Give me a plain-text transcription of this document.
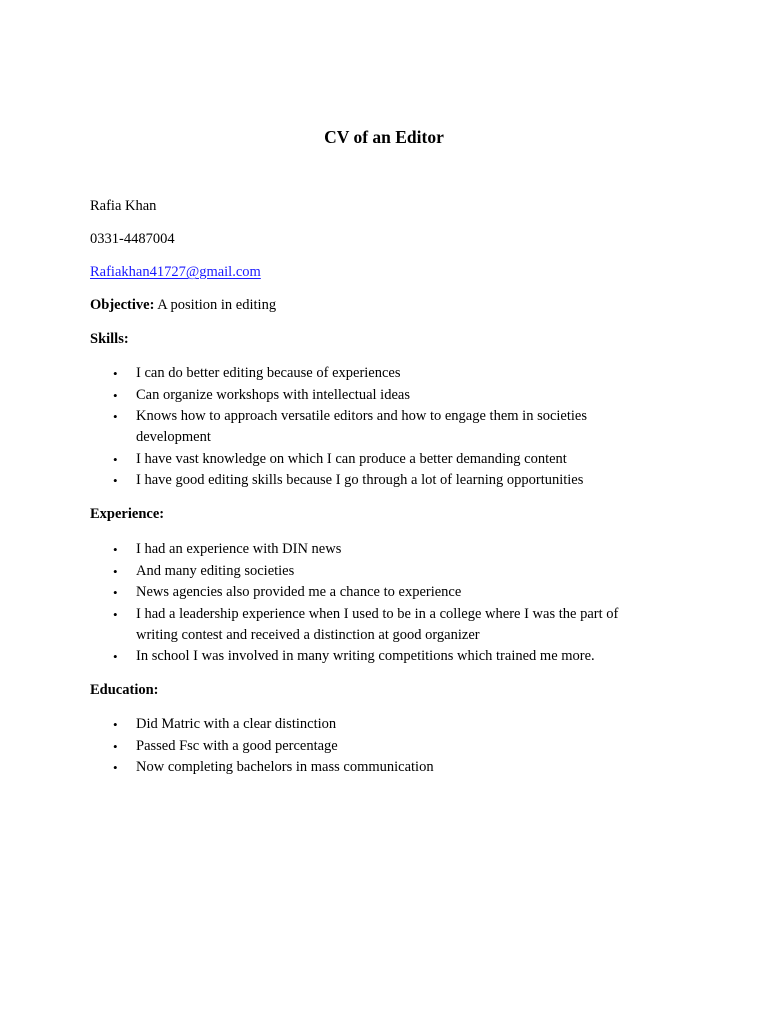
CV of an Editor
Rafia Khan
0331-4487004
Rafiakhan41727@gmail.com
Objective: A position in editing
Skills:
• I can do better editing because of experiences
• Can organize workshops with intellectual ideas
• Knows how to approach versatile editors and how to engage them in societies development
• I have vast knowledge on which I can produce a better demanding content
• I have good editing skills because I go through a lot of learning opportunities
Experience:
• I had an experience with DIN news
• And many editing societies
• News agencies also provided me a chance to experience
• I had a leadership experience when I used to be in a college where I was the part of writing contest and received a distinction at good organizer
• In school I was involved in many writing competitions which trained me more.
Education:
• Did Matric with a clear distinction
• Passed Fsc with a good percentage
• Now completing bachelors in mass communication
